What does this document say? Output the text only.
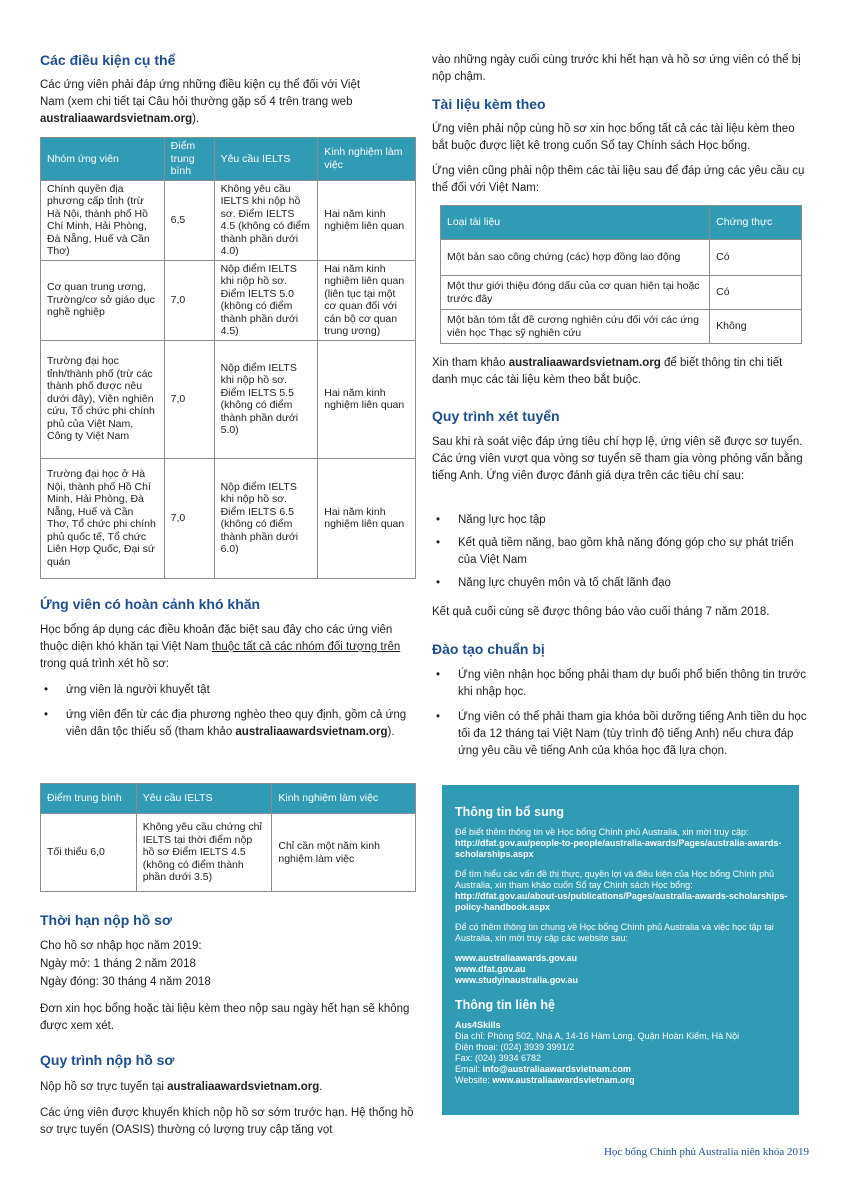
Các điều kiện cụ thể

Các ứng viên phải đáp ứng những điều kiện cụ thể đối với Việt
Nam (xem chi tiết tại Câu hỏi thường gặp số 4 trên trang web
australiaawardsvietnam.org).

Nhóm ứng viên	Điểm trung bình	Yêu cầu IELTS	Kinh nghiệm làm việc
Chính quyền địa phương cấp tỉnh (trừ Hà Nội, thành phố Hồ Chí Minh, Hải Phòng, Đà Nẵng, Huế và Cần Thơ)	6,5	Không yêu cầu IELTS khi nộp hồ sơ. Điểm IELTS 4.5 (không có điểm thành phần dưới 4.0)	Hai năm kinh nghiệm liên quan
Cơ quan trung ương, Trường/cơ sở giáo dục nghề nghiệp	7,0	Nộp điểm IELTS khi nộp hồ sơ. Điểm IELTS 5.0 (không có điểm thành phần dưới 4.5)	Hai năm kinh nghiệm liên quan (liên tục tại một cơ quan đối với cán bộ cơ quan trung ương)
Trường đại học tỉnh/thành phố (trừ các thành phố được nêu dưới đây), Viện nghiên cứu, Tổ chức phi chính phủ của Việt Nam, Công ty Việt Nam	7,0	Nộp điểm IELTS khi nộp hồ sơ. Điểm IELTS 5.5 (không có điểm thành phần dưới 5.0)	Hai năm kinh nghiệm liên quan
Trường đại học ở Hà Nội, thành phố Hồ Chí Minh, Hải Phòng, Đà Nẵng, Huế và Cần Thơ, Tổ chức phi chính phủ quốc tế, Tổ chức Liên Hợp Quốc, Đại sứ quán	7,0	Nộp điểm IELTS khi nộp hồ sơ. Điểm IELTS 6.5 (không có điểm thành phần dưới 6.0)	Hai năm kinh nghiệm liên quan
Ứng viên có hoàn cảnh khó khăn

Học bổng áp dụng các điều khoản đặc biệt sau đây cho các ứng viên thuộc diện khó khăn tại Việt Nam thuộc tất cả các nhóm đối tượng trên trong quá trình xét hồ sơ:

• ứng viên là người khuyết tật
• ứng viên đến từ các địa phương nghèo theo quy định, gồm cả ứng viên dân tộc thiểu số (tham khảo australiaawardsvietnam.org).
Điểm trung bình	Yêu cầu IELTS	Kinh nghiệm làm việc
Tối thiểu 6,0	Không yêu cầu chứng chỉ IELTS tại thời điểm nộp hồ sơ Điểm IELTS 4.5 (không có điểm thành phần dưới 3.5)	Chỉ cần một năm kinh nghiệm làm việc
Thời hạn nộp hồ sơ

Cho hồ sơ nhập học năm 2019:
Ngày mở: 1 tháng 2 năm 2018
Ngày đóng: 30 tháng 4 năm 2018

Đơn xin học bổng hoặc tài liệu kèm theo nộp sau ngày hết hạn sẽ không được xem xét.

Quy trình nộp hồ sơ

Nộp hồ sơ trực tuyến tại australiaawardsvietnam.org.

Các ứng viên được khuyến khích nộp hồ sơ sớm trước hạn. Hệ thống hồ sơ trực tuyến (OASIS) thường có lượng truy cập tăng vọt

vào những ngày cuối cùng trước khi hết hạn và hồ sơ ứng viên có thể bị nộp chậm.

Tài liệu kèm theo

Ứng viên phải nộp cùng hồ sơ xin học bổng tất cả các tài liệu kèm theo bắt buộc được liệt kê trong cuốn Sổ tay Chính sách Học bổng.

Ứng viên cũng phải nộp thêm các tài liệu sau để đáp ứng các yêu cầu cụ thể đối với Việt Nam:

Loại tài liệu	Chứng thực
Một bản sao công chứng (các) hợp đồng lao động	Có
Một thư giới thiệu đóng dấu của cơ quan hiện tại hoặc trước đây	Có
Một bản tóm tắt đề cương nghiên cứu đối với các ứng viên học Thạc sỹ nghiên cứu	Không

Xin tham khảo australiaawardsvietnam.org để biết thông tin chi tiết danh mục các tài liệu kèm theo bắt buộc.

Quy trình xét tuyển

Sau khi rà soát việc đáp ứng tiêu chí hợp lệ, ứng viên sẽ được sơ tuyển. Các ứng viên vượt qua vòng sơ tuyển sẽ tham gia vòng phỏng vấn bằng tiếng Anh. Ứng viên được đánh giá dựa trên các tiêu chí sau:

• Năng lực học tập
• Kết quả tiềm năng, bao gồm khả năng đóng góp cho sự phát triển của Việt Nam
• Năng lực chuyên môn và tố chất lãnh đạo

Kết quả cuối cùng sẽ được thông báo vào cuối tháng 7 năm 2018.

Đào tạo chuẩn bị
• Ứng viên nhận học bổng phải tham dự buổi phổ biến thông tin trước khi nhập học.
• Ứng viên có thể phải tham gia khóa bồi dưỡng tiếng Anh tiền du học tối đa 12 tháng tại Việt Nam (tùy trình độ tiếng Anh) nếu chưa đáp ứng yêu cầu về tiếng Anh của khóa học đã lựa chọn.
Thông tin bổ sung
Để biết thêm thông tin về Học bổng Chính phủ Australia, xin mời truy cập:
http://dfat.gov.au/people-to-people/australia-awards/Pages/australia-awards-scholarships.aspx
Để tìm hiểu các vấn đề thị thực, quyền lợi và điều kiện của Học bổng Chính phủ Australia, xin tham khảo cuốn Sổ tay Chính sách Học bổng:
http://dfat.gov.au/about-us/publications/Pages/australia-awards-scholarships-policy-handbook.aspx
Để có thêm thông tin chung về Học bổng Chính phủ Australia và việc học tập tại Australia, xin mời truy cập các website sau:
www.australiaawards.gov.au
www.dfat.gov.au
www.studyinaustralia.gov.au
Thông tin liên hệ
Aus4Skills
Địa chỉ: Phòng 502, Nhà A, 14-16 Hàm Long, Quận Hoàn Kiếm, Hà Nội
Điện thoại: (024) 3939 3991/2
Fax: (024) 3934 6782
Email: info@australiaawardsvietnam.com
Website: www.australiaawardsvietnam.org
Học bổng Chính phủ Australia niên khóa 2019
